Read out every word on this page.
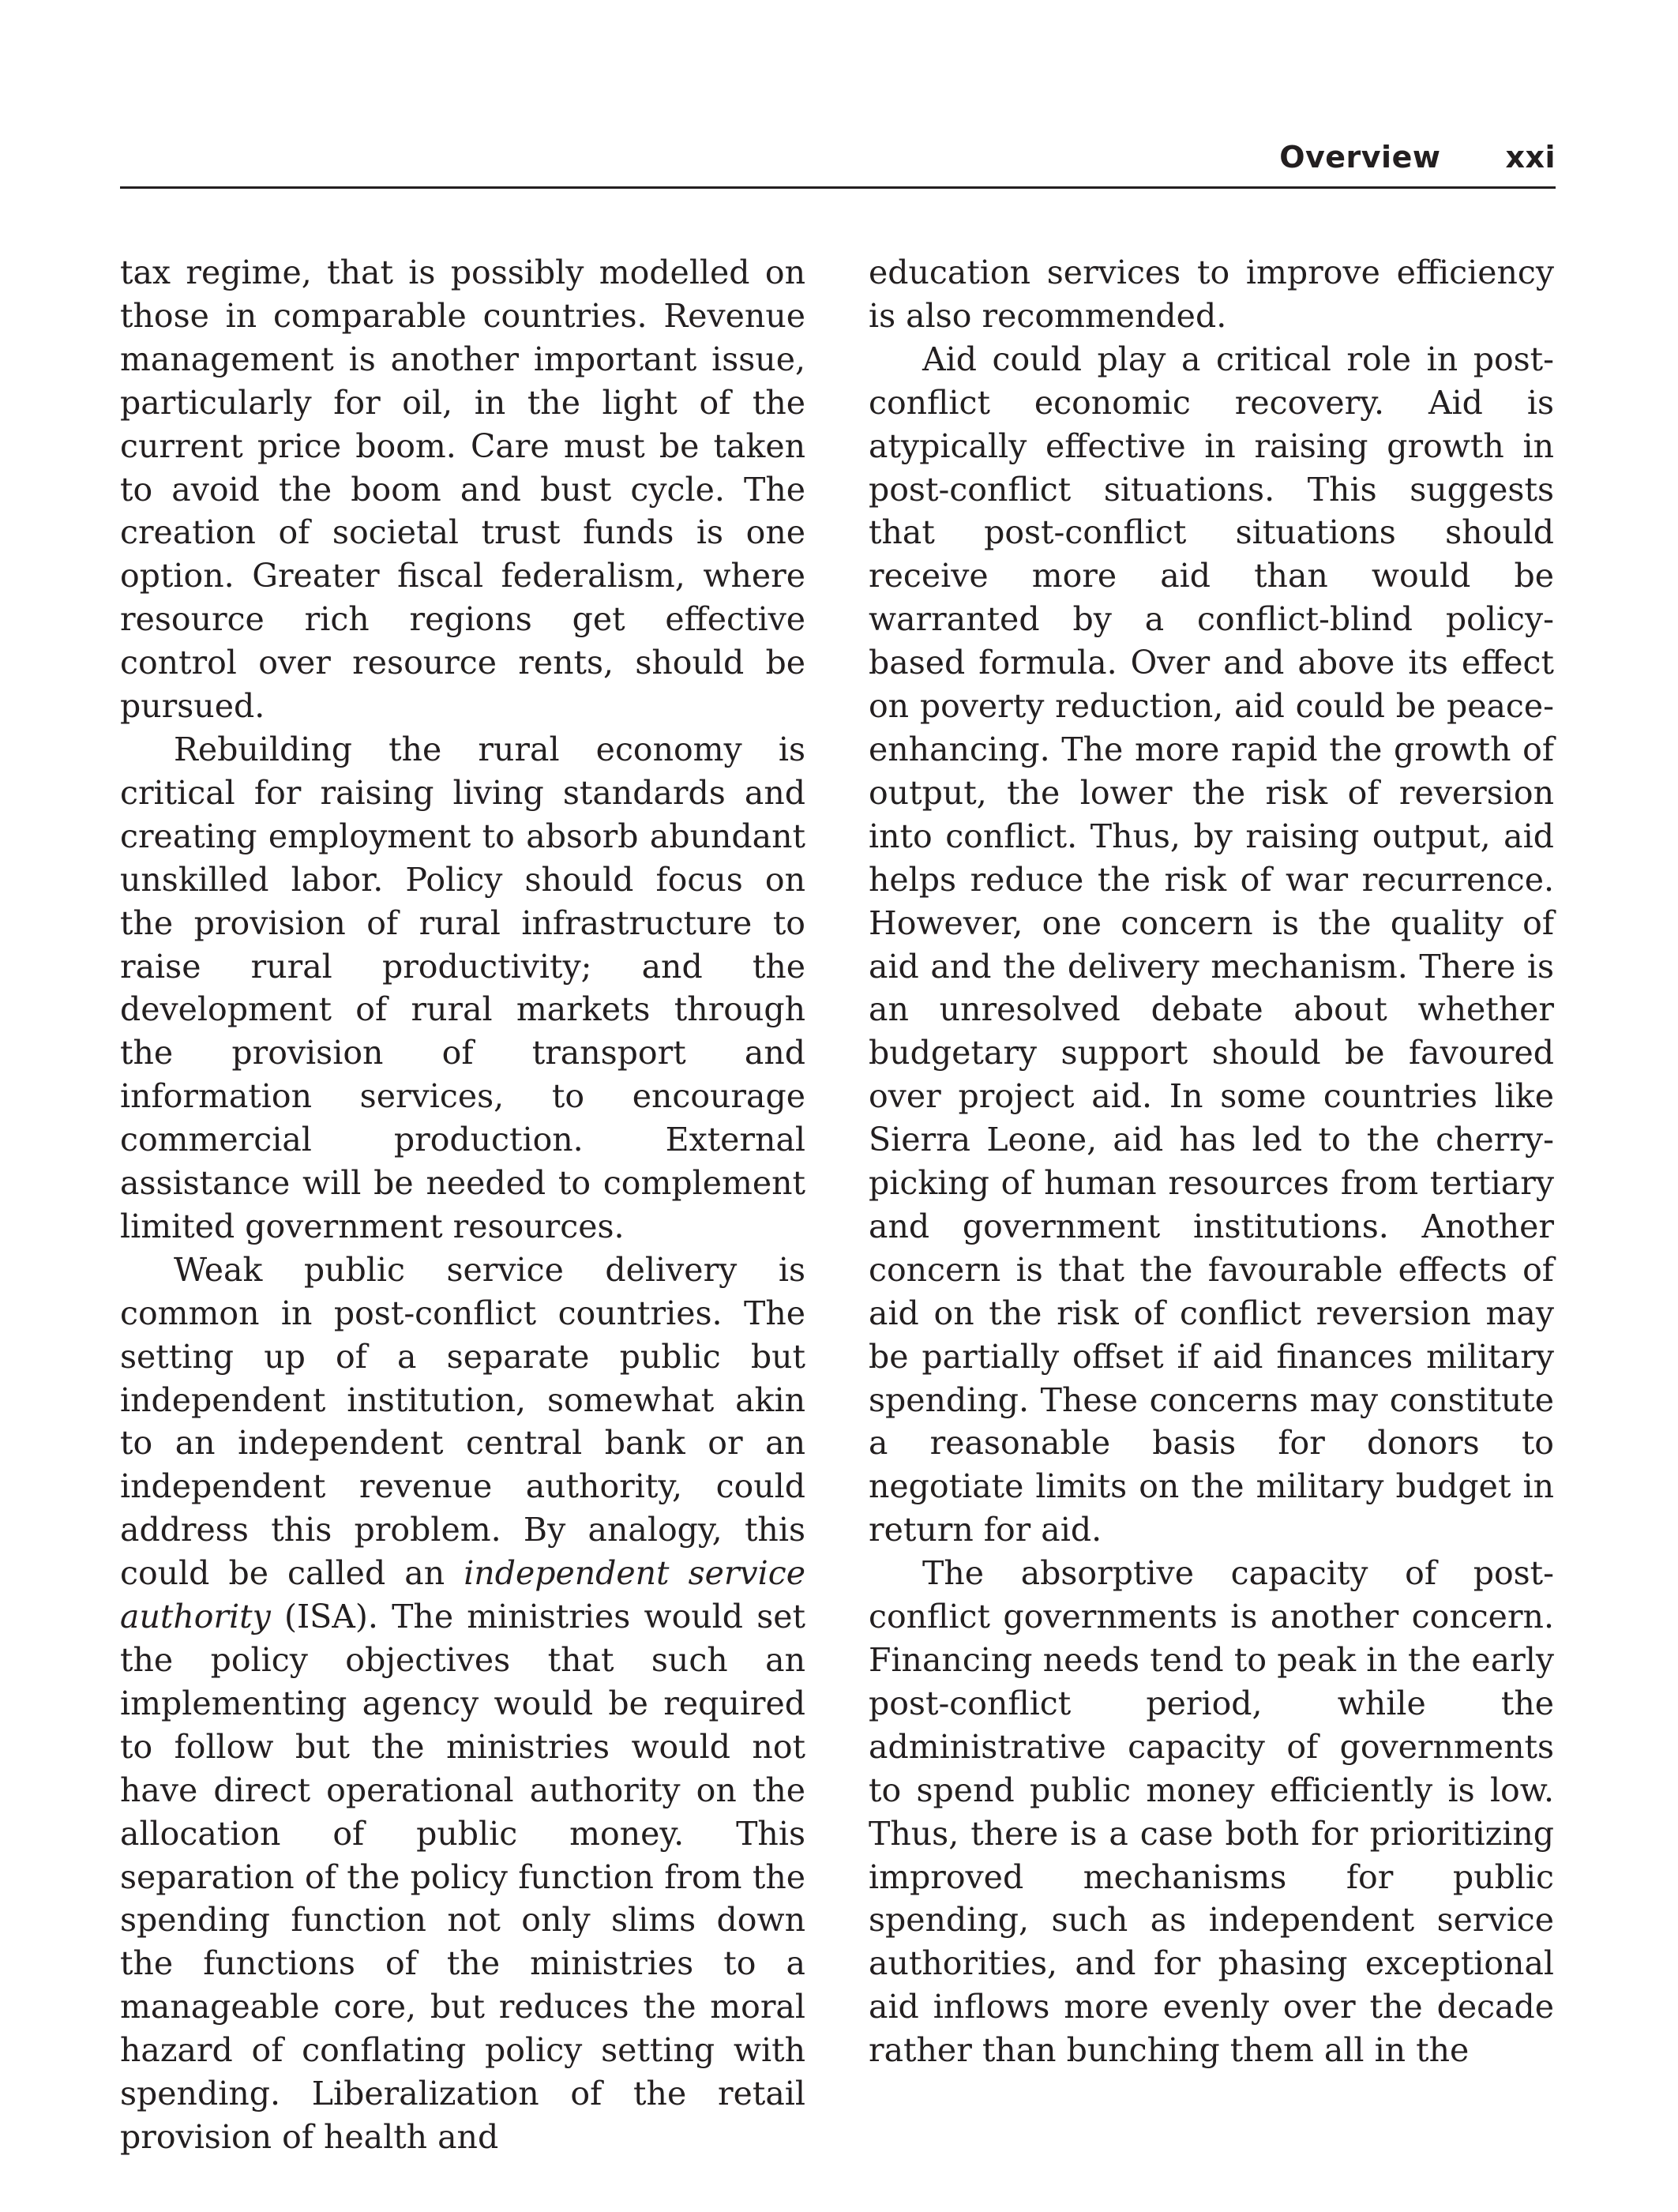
Overview xxi

tax regime, that is possibly modelled on those in comparable countries. Revenue management is another important issue, particularly for oil, in the light of the current price boom. Care must be taken to avoid the boom and bust cycle. The creation of societal trust funds is one option. Greater fiscal federalism, where resource rich regions get effective control over resource rents, should be pursued.

Rebuilding the rural economy is critical for raising living standards and creating employment to absorb abundant unskilled labor. Policy should focus on the provision of rural infrastructure to raise rural productivity; and the development of rural markets through the provision of transport and information services, to encourage commercial production. External assistance will be needed to complement limited government resources.

Weak public service delivery is common in post-conflict countries. The setting up of a separate public but independent institution, somewhat akin to an independent central bank or an independent revenue authority, could address this problem. By analogy, this could be called an independent service authority (ISA). The ministries would set the policy objectives that such an implementing agency would be required to follow but the ministries would not have direct operational authority on the allocation of public money. This separation of the policy function from the spending function not only slims down the functions of the ministries to a manageable core, but reduces the moral hazard of conflating policy setting with spending. Liberalization of the retail provision of health and

education services to improve efficiency is also recommended.

Aid could play a critical role in post-conflict economic recovery. Aid is atypically effective in raising growth in post-conflict situations. This suggests that post-conflict situations should receive more aid than would be warranted by a conflict-blind policy-based formula. Over and above its effect on poverty reduction, aid could be peace-enhancing. The more rapid the growth of output, the lower the risk of reversion into conflict. Thus, by raising output, aid helps reduce the risk of war recurrence. However, one concern is the quality of aid and the delivery mechanism. There is an unresolved debate about whether budgetary support should be favoured over project aid. In some countries like Sierra Leone, aid has led to the cherry-picking of human resources from tertiary and government institutions. Another concern is that the favourable effects of aid on the risk of conflict reversion may be partially offset if aid finances military spending. These concerns may constitute a reasonable basis for donors to negotiate limits on the military budget in return for aid.

The absorptive capacity of post-conflict governments is another concern. Financing needs tend to peak in the early post-conflict period, while the administrative capacity of governments to spend public money efficiently is low. Thus, there is a case both for prioritizing improved mechanisms for public spending, such as independent service authorities, and for phasing exceptional aid inflows more evenly over the decade rather than bunching them all in the
